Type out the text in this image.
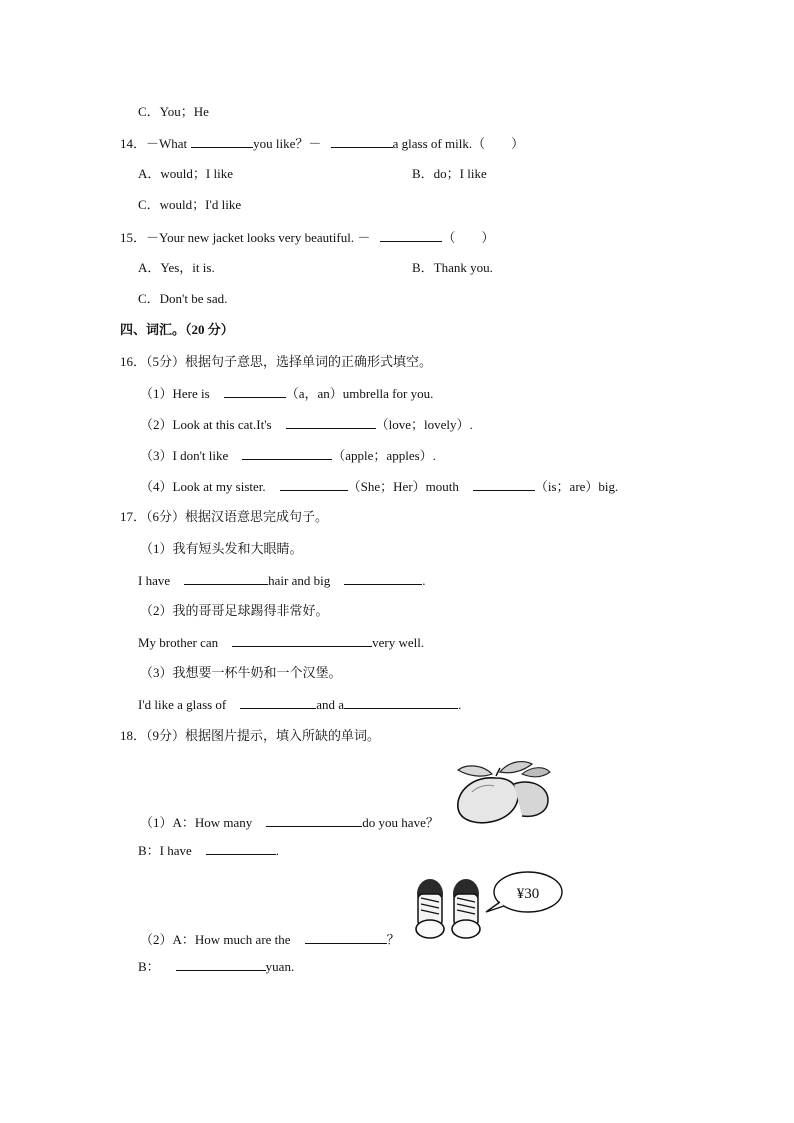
C．You；He
14．－What	you like？－	a glass of milk.（　　）
A．would；I like	B．do；I like
C．would；I'd like
15．－Your new jacket looks very beautiful. －	（　　）
A．Yes，it is.	B．Thank you.
C．Don't be sad.
四、词汇。（20 分）
16．（5分）根据句子意思，选择单词的正确形式填空。
（1）Here is	（a，an）umbrella for you.
（2）Look at this cat.It's	（love；lovely）.
（3）I don't like	（apple；apples）.
（4）Look at my sister.	（She；Her）mouth	（is；are）big.
17．（6分）根据汉语意思完成句子。
（1）我有短头发和大眼睛。
I have	hair and big	.
（2）我的哥哥足球踢得非常好。
My brother can	very well.
（3）我想要一杯牛奶和一个汉堡。
I'd like a glass of	and a	.
18．（9分）根据图片提示，填入所缺的单词。
（1）A：How many	do you have？
B：I have	.
¥30
（2）A：How much are the	？
B：	yuan.
